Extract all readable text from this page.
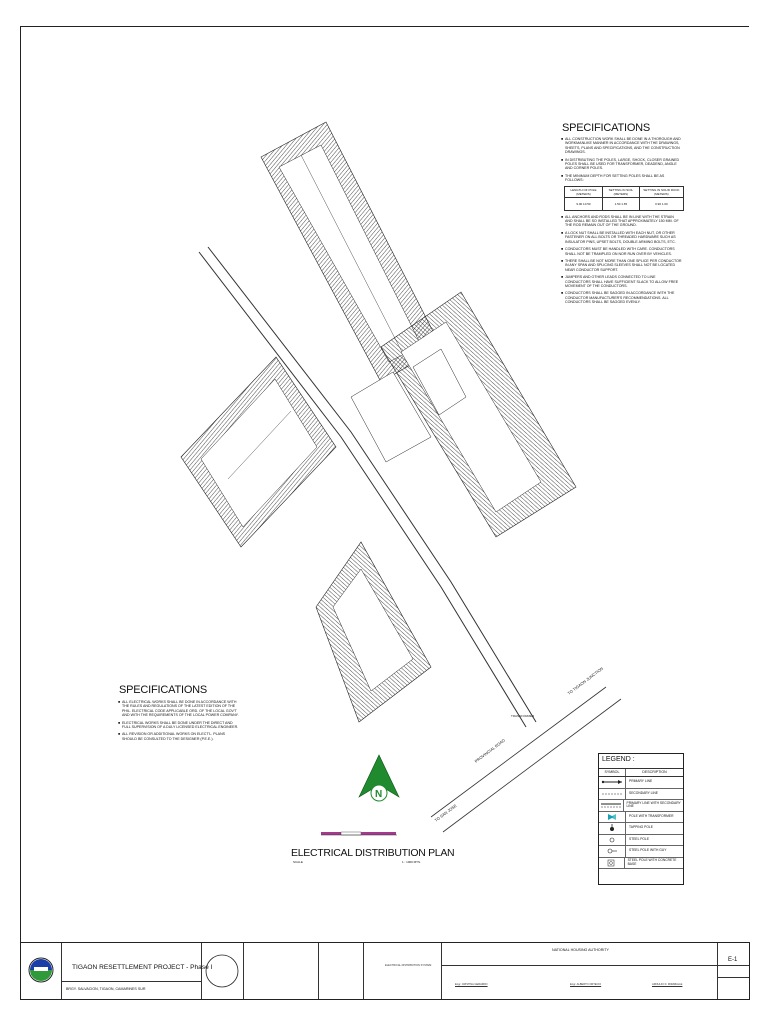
PROVINCIAL ROAD
TO TIGAON JUNCTION
TO SAN JOSE
TRANSFORMER
N
SPECIFICATIONS
■ ALL CONSTRUCTION WORK SHALL BE DONE IN A THOROUGH AND WORKMANLIKE MANNER IN ACCORDANCE WITH THE DRAWINGS, SHEETS, PLANS AND SPECIFICATIONS, AND THE CONSTRUCTION DRAWINGS.
■ IN DISTRIBUTING THE POLES, LARGE, SHOCK, CLOSER GRAINED POLES SHALL BE USED FOR TRANSFORMER, DEADEND, ANGLE AND CORNER POLES.
■ THE MINIMUM DEPTH FOR SETTING POLES SHALL BE AS FOLLOWS:
LENGTH OF POLE (METERS)	SETTING IN SOIL (METERS)	SETTING IN SOLID ROCK (METERS)
9.00 10.50	1.50 1.65	0.90 1.00
■ ALL ANCHORS AND RODS SHALL BE IN LINE WITH THE STRAIN AND SHALL BE SO INSTALLED THAT APPROXIMATELY 150 MM. OF THE ROD REMAIN OUT OF THE GROUND.
■ A LOCK NUT SHALL BE INSTALLED WITH EACH NUT, OR OTHER FASTENER ON ALL BOLTS OR THREADED HARDWARE SUCH AS INSULATOR PINS, UPSET BOLTS, DOUBLE ARMING BOLTS, ETC.
■ CONDUCTORS MUST BE HANDLED WITH CARE. CONDUCTORS SHALL NOT BE TRAMPLED ON NOR RUN OVER BY VEHICLES.
■ THERE SHALL BE NOT MORE THAN ONE SPLICE PER CONDUCTOR IN ANY SPAN AND SPLICING SLEEVES SHALL NOT BE LOCATED NEAR CONDUCTOR SUPPORT.
■ JUMPERS AND OTHER LEADS CONNECTED TO LINE CONDUCTORS SHALL HAVE SUFFICIENT SLACK TO ALLOW FREE MOVEMENT OF THE CONDUCTORS.
■ CONDUCTORS SHALL BE SAGGED IN ACCORDANCE WITH THE CONDUCTOR MANUFACTURER'S RECOMMENDATIONS. ALL CONDUCTORS SHALL BE SAGGED EVENLY.
SPECIFICATIONS
■ ALL ELECTRICAL WORKS SHALL BE DONE IN ACCORDANCE WITH THE RULES AND REGULATIONS OF THE LATEST EDITION OF THE PHIL. ELECTRICAL CODE APPLICABLE ORD. OF THE LOCAL GOV'T AND WITH THE REQUIREMENTS OF THE LOCAL POWER COMPANY.
■ ELECTRICAL WORKS SHALL BE DONE UNDER THE DIRECT AND FULL SUPERVISION OF A DULY LICENSED ELECTRICAL ENGINEER.
■ ALL REVISION OR ADDITIONAL WORKS ON ELECT'L. PLANS SHOULD BE CONSULTED TO THE DESIGNER (P.E.E.).
LEGEND :
SYMBOL	DESCRIPTION
PRIMARY LINE
SECONDARY LINE
PRIMARY LINE WITH SECONDARY LINE
POLE WITH TRANSFORMER
TAPPING POLE
STEEL POLE
STEEL POLE WITH GUY
STEEL POLE WITH CONCRETE BASE
ELECTRICAL DISTRIBUTION PLAN
SCALE	1 : 1000 MTS.
TIGAON RESETTLEMENT PROJECT - Phase I
BRGY. SALVACION, TIGAON, CAMARINES SUR
NATIONAL HOUSING AUTHORITY
ELECTRICAL DISTRIBUTION SYSTEM
Engr. CRISTINA GERARDO	Engr. ALBERTO ORTECIO	ARNULFO F. MIRABALLE
E-1
